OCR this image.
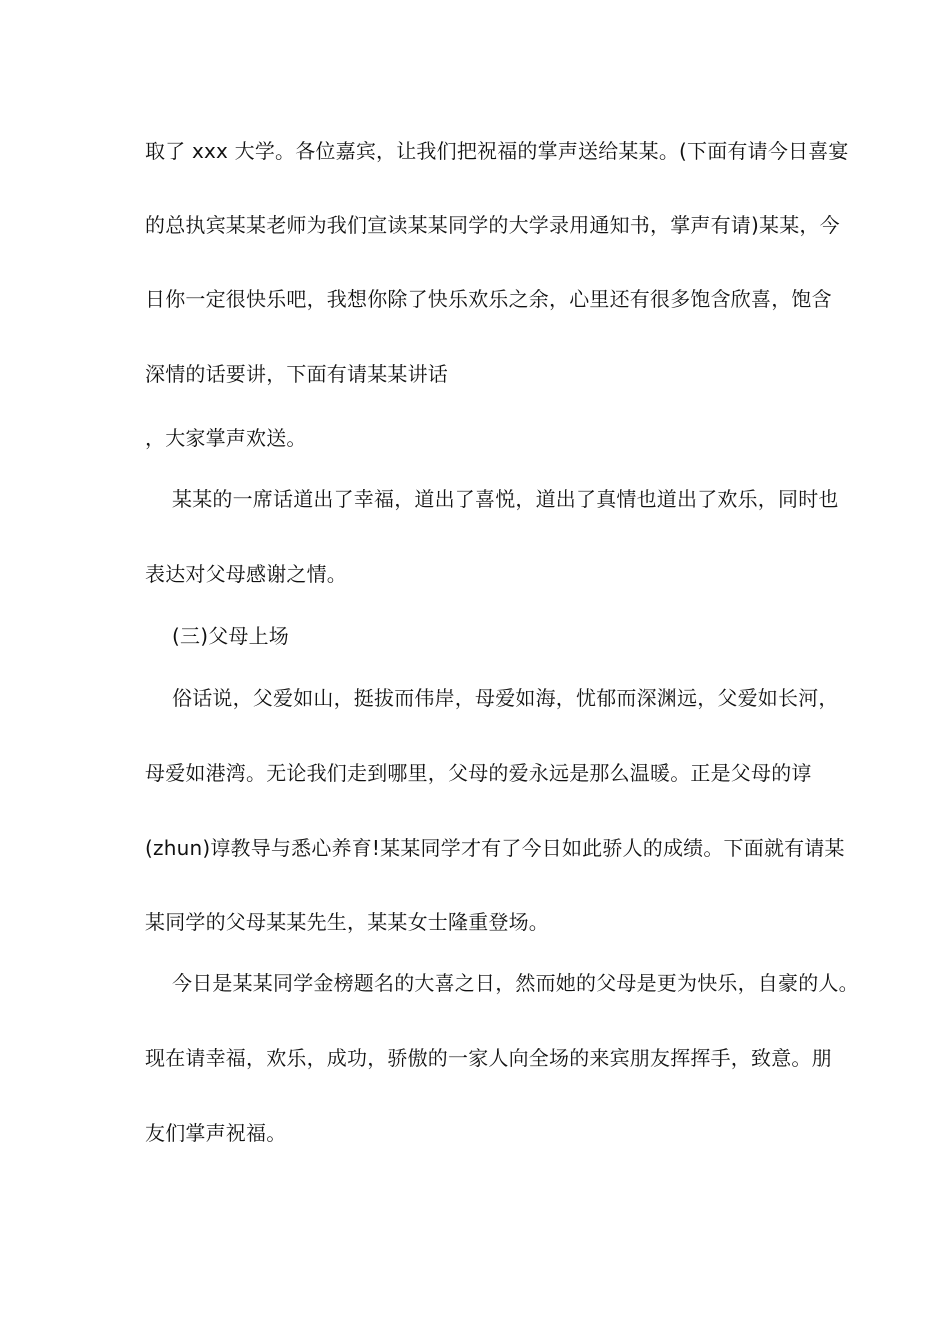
取了 xxx 大学。各位嘉宾，让我们把祝福的掌声送给某某。(下面有请今日喜宴
的总执宾某某老师为我们宣读某某同学的大学录用通知书，掌声有请)某某，今
日你一定很快乐吧，我想你除了快乐欢乐之余，心里还有很多饱含欣喜，饱含
深情的话要讲，下面有请某某讲话
，大家掌声欢送。
某某的一席话道出了幸福，道出了喜悦，道出了真情也道出了欢乐，同时也
表达对父母感谢之情。
(三)父母上场
俗话说，父爱如山，挺拔而伟岸，母爱如海，忧郁而深渊远，父爱如长河，
母爱如港湾。无论我们走到哪里，父母的爱永远是那么温暖。正是父母的谆
(zhun)谆教导与悉心养育!某某同学才有了今日如此骄人的成绩。下面就有请某
某同学的父母某某先生，某某女士隆重登场。
今日是某某同学金榜题名的大喜之日，然而她的父母是更为快乐，自豪的人。
现在请幸福，欢乐，成功，骄傲的一家人向全场的来宾朋友挥挥手，致意。朋
友们掌声祝福。
